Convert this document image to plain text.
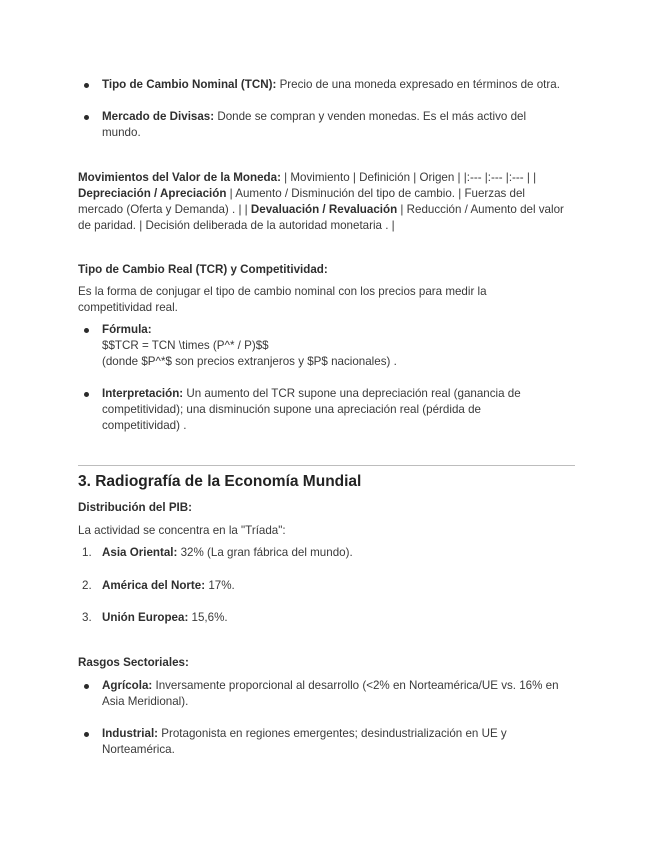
Tipo de Cambio Nominal (TCN): Precio de una moneda expresado en términos de otra.
Mercado de Divisas: Donde se compran y venden monedas. Es el más activo del
mundo.
Movimientos del Valor de la Moneda: | Movimiento | Definición | Origen | |:--- |:--- |:--- | |
Depreciación / Apreciación | Aumento / Disminución del tipo de cambio. | Fuerzas del
mercado (Oferta y Demanda) . | | Devaluación / Revaluación | Reducción / Aumento del valor
de paridad. | Decisión deliberada de la autoridad monetaria . |
Tipo de Cambio Real (TCR) y Competitividad:
Es la forma de conjugar el tipo de cambio nominal con los precios para medir la
competitividad real.
Fórmula:
$$TCR = TCN \times (P^* / P)$$
(donde $P^*$ son precios extranjeros y $P$ nacionales) .
Interpretación: Un aumento del TCR supone una depreciación real (ganancia de
competitividad); una disminución supone una apreciación real (pérdida de
competitividad) .
3. Radiografía de la Economía Mundial
Distribución del PIB:
La actividad se concentra en la "Tríada":
1. Asia Oriental: 32% (La gran fábrica del mundo).
2. América del Norte: 17%.
3. Unión Europea: 15,6%.
Rasgos Sectoriales:
Agrícola: Inversamente proporcional al desarrollo (<2% en Norteamérica/UE vs. 16% en
Asia Meridional).
Industrial: Protagonista en regiones emergentes; desindustrialización en UE y
Norteamérica.
